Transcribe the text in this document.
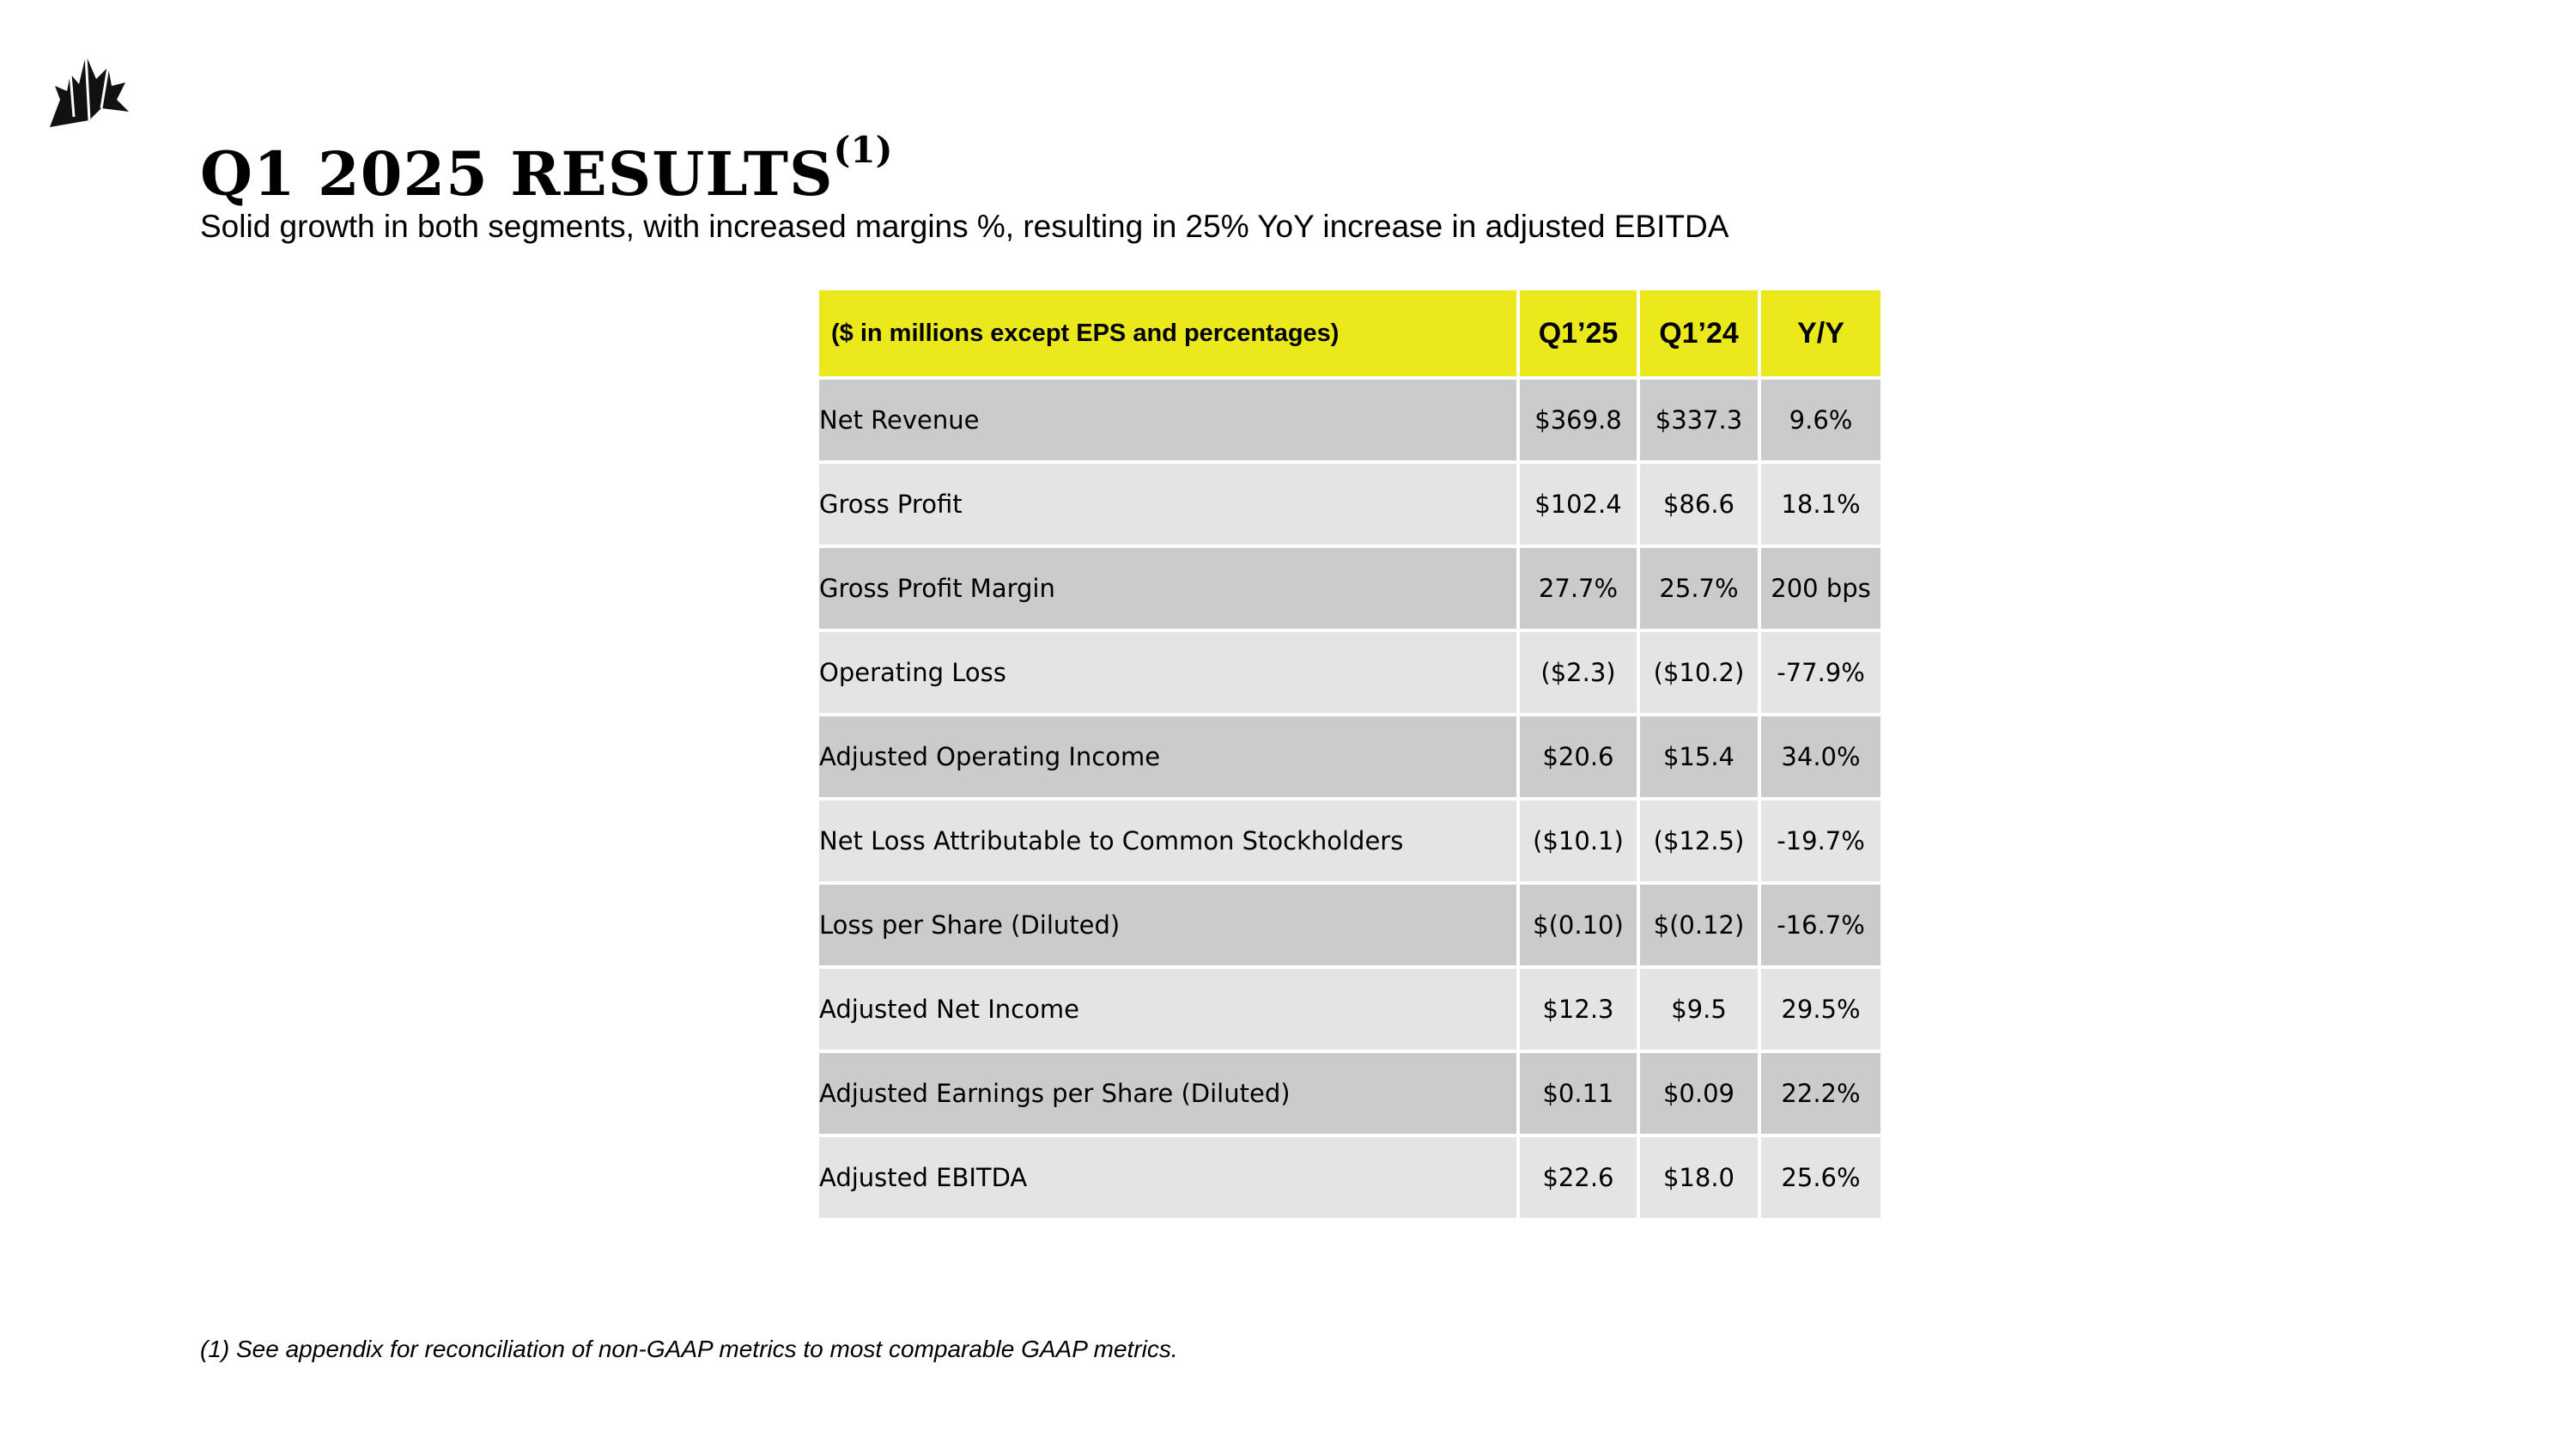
Q1 2025 RESULTS$^{(1)}$

Solid growth in both segments, with increased margins %, resulting in 25% YoY increase in adjusted EBITDA

($ in millions except EPS and percentages)	Q1’25	Q1’24	Y/Y
Net Revenue	$369.8	$337.3	9.6%
Gross Profit	$102.4	$86.6	18.1%
Gross Profit Margin	27.7%	25.7%	200 bps
Operating Loss	($2.3)	($10.2)	-77.9%
Adjusted Operating Income	$20.6	$15.4	34.0%
Net Loss Attributable to Common Stockholders	($10.1)	($12.5)	-19.7%
Loss per Share (Diluted)	$(0.10)	$(0.12)	-16.7%
Adjusted Net Income	$12.3	$9.5	29.5%
Adjusted Earnings per Share (Diluted)	$0.11	$0.09	22.2%
Adjusted EBITDA	$22.6	$18.0	25.6%

(1) See appendix for reconciliation of non-GAAP metrics to most comparable GAAP metrics.
